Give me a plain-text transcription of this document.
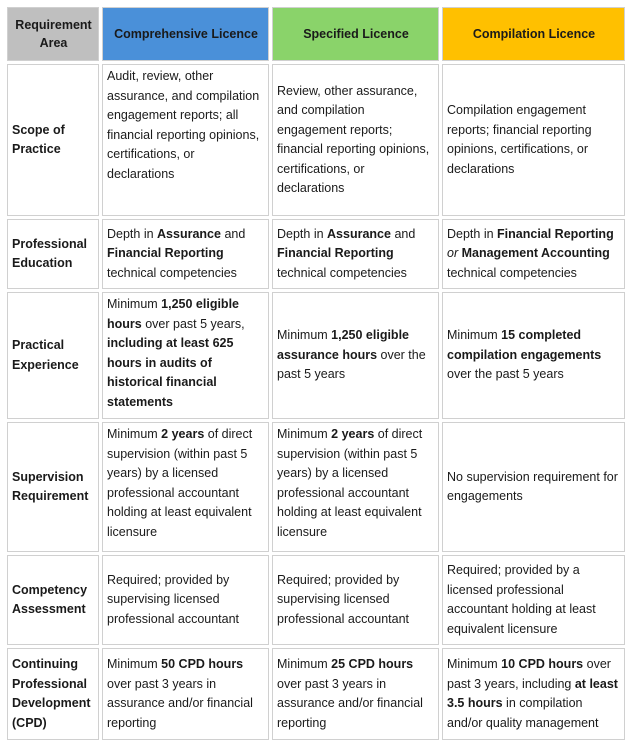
Requirement Area	Comprehensive Licence	Specified Licence	Compilation Licence
Scope of Practice	Audit, review, other assurance, and compilation engagement reports; all financial reporting opinions, certifications, or declarations	Review, other assurance, and compilation engagement reports; financial reporting opinions, certifications, or declarations	Compilation engagement reports; financial reporting opinions, certifications, or declarations
Professional Education	Depth in Assurance and Financial Reporting technical competencies	Depth in Assurance and Financial Reporting technical competencies	Depth in Financial Reporting or Management Accounting technical competencies
Practical Experience	Minimum 1,250 eligible hours over past 5 years, including at least 625 hours in audits of historical financial statements	Minimum 1,250 eligible assurance hours over the past 5 years	Minimum 15 completed compilation engagements over the past 5 years
Supervision Requirement	Minimum 2 years of direct supervision (within past 5 years) by a licensed professional accountant holding at least equivalent licensure	Minimum 2 years of direct supervision (within past 5 years) by a licensed professional accountant holding at least equivalent licensure	No supervision requirement for engagements
Competency Assessment	Required; provided by supervising licensed professional accountant	Required; provided by supervising licensed professional accountant	Required; provided by a licensed professional accountant holding at least equivalent licensure
Continuing Professional Development (CPD)	Minimum 50 CPD hours over past 3 years in assurance and/or financial reporting	Minimum 25 CPD hours over past 3 years in assurance and/or financial reporting	Minimum 10 CPD hours over past 3 years, including at least 3.5 hours in compilation and/or quality management
